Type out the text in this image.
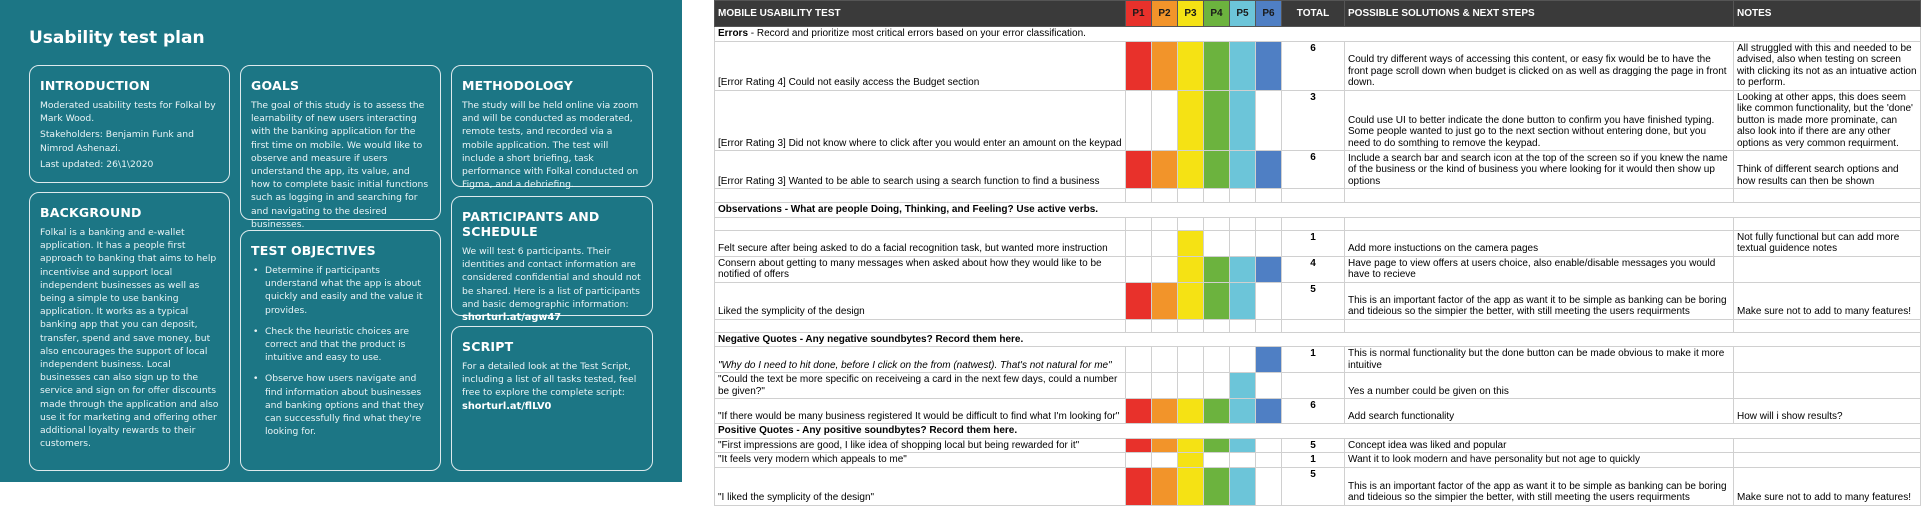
Usability test plan
INTRODUCTION

Moderated usability tests for Folkal by Mark Wood.

Stakeholders: Benjamin Funk and Nimrod Ashenazi.

Last updated: 26\1\2020

BACKGROUND

Folkal is a banking and e-wallet application. It has a people first approach to banking that aims to help incentivise and support local independent businesses as well as being a simple to use banking application. It works as a typical banking app that you can deposit, transfer, spend and save money, but also encourages the support of local independent business. Local businesses can also sign up to the service and sign on for offer discounts made through the application and also use it for marketing and offering other additional loyalty rewards to their customers.

GOALS

The goal of this study is to assess the learnability of new users interacting with the banking application for the first time on mobile. We would like to observe and measure if users understand the app, its value, and how to complete basic initial functions such as logging in and searching for and navigating to the desired businesses.

TEST OBJECTIVES
• Determine if participants understand what the app is about quickly and easily and the value it provides.
• Check the heuristic choices are correct and that the product is intuitive and easy to use.
• Observe how users navigate and find information about businesses and banking options and that they can successfully find what they're looking for.
METHODOLOGY

The study will be held online via zoom and will be conducted as moderated, remote tests, and recorded via a mobile application. The test will include a short briefing, task performance with Folkal conducted on Figma, and a debriefing.

PARTICIPANTS AND SCHEDULE

We will test 6 participants. Their identities and contact information are considered confidential and should not be shared. Here is a list of participants and basic demographic information:

shorturl.at/agw47

SCRIPT

For a detailed look at the Test Script, including a list of all tasks tested, feel free to explore the complete script:

shorturl.at/flLV0

MOBILE USABILITY TEST	P1	P2	P3	P4	P5	P6	TOTAL	POSSIBLE SOLUTIONS & NEXT STEPS	NOTES
Errors - Record and prioritize most critical errors based on your error classification.									
[Error Rating 4] Could not easily access the Budget section							6	Could try different ways of accessing this content, or easy fix would be to have the front page scroll down when budget is clicked on as well as dragging the page in front down.	All struggled with this and needed to be advised, also when testing on screen with clicking its not as an intuative action to perform.
[Error Rating 3] Did not know where to click after you would enter an amount on the keypad							3	Could use UI to better indicate the done button to confirm you have finished typing. Some people wanted to just go to the next section without entering done, but you need to do somthing to remove the keypad.	Looking at other apps, this does seem like common functionality, but the 'done' button is made more prominate, can also look into if there are any other options as very common requirment.
[Error Rating 3] Wanted to be able to search using a search function to find a business							6	Include a search bar and search icon at the top of the screen so if you knew the name of the business or the kind of business you where looking for it would then show up options	Think of different search options and how results can then be shown

Observations - What are people Doing, Thinking, and Feeling? Use active verbs.									

Felt secure after being asked to do a facial recognition task, but wanted more instruction							1	Add more instuctions on the camera pages	Not fully functional but can add more textual guidence notes
Consern about getting to many messages when asked about how they would like to be notified of offers							4	Have page to view offers at users choice, also enable/disable messages you would have to recieve	
Liked the symplicity of the design							5	This is an important factor of the app as want it to be simple as banking can be boring and tideious so the simpier the better, with still meeting the users requirments	Make sure not to add to many features!

Negative Quotes - Any negative soundbytes? Record them here.									
"Why do I need to hit done, before I click on the from (natwest). That's not natural for me"							1	This is normal functionality but the done button can be made obvious to make it more intuitive	
"Could the text be more specific on receiveing a card in the next few days, could a number be given?"								Yes a number could be given on this	
"If there would be many business registered It would be difficult to find what I'm looking for"							6	Add search functionality	How will i show results?
Positive Quotes - Any positive soundbytes? Record them here.									
"First impressions are good, I like idea of shopping local but being rewarded for it"							5	Concept idea was liked and popular	
"It feels very modern which appeals to me"							1	Want it to look modern and have personality but not age to quickly	
"I liked the symplicity of the design"							5	This is an important factor of the app as want it to be simple as banking can be boring and tideious so the simpier the better, with still meeting the users requirments	Make sure not to add to many features!
